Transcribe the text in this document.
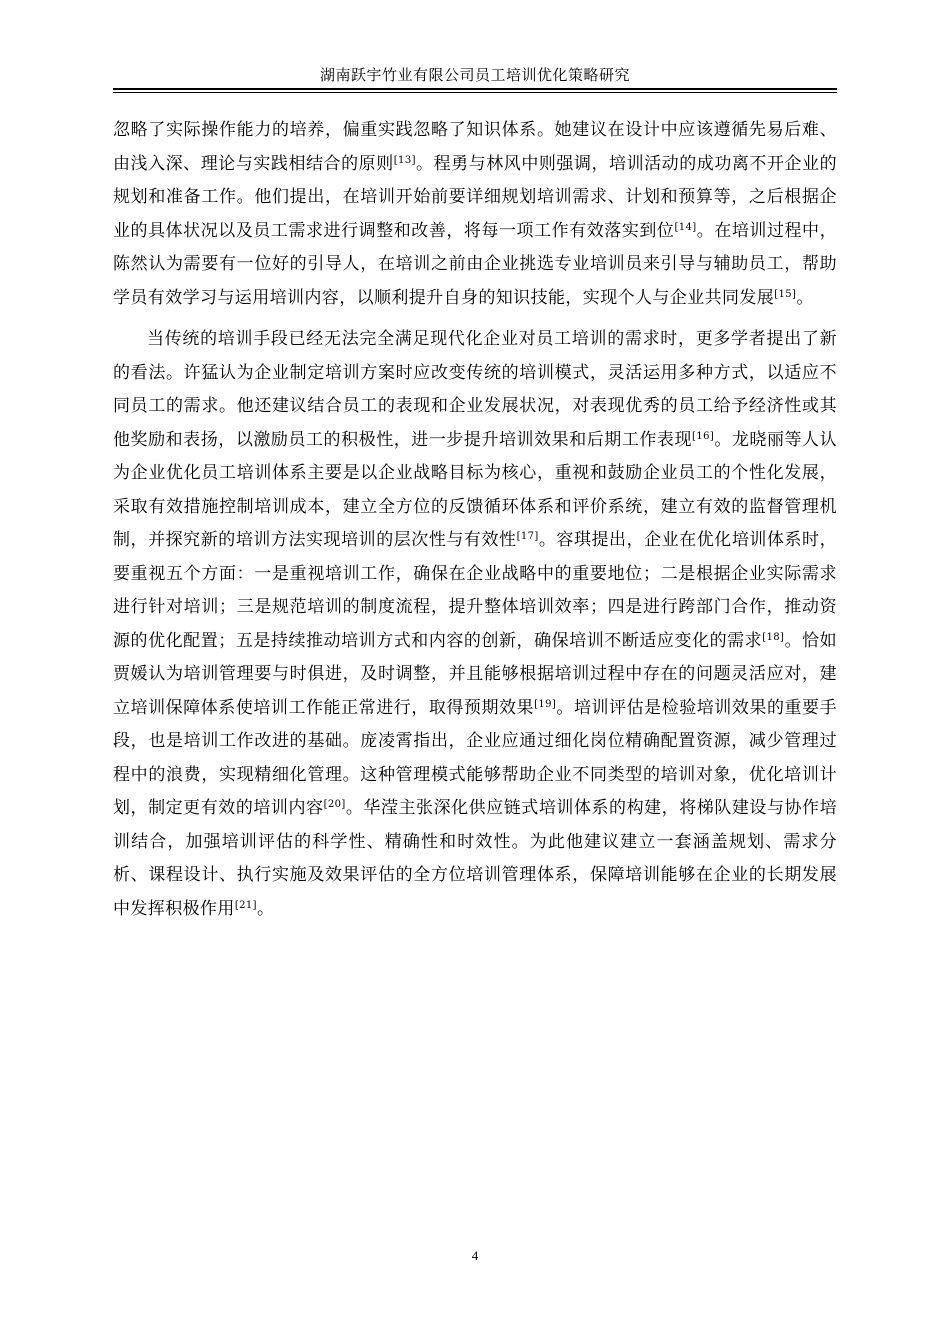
湖南跃宇竹业有限公司员工培训优化策略研究

忽略了实际操作能力的培养，偏重实践忽略了知识体系。她建议在设计中应该遵循先易后难、由浅入深、理论与实践相结合的原则[13]。程勇与林风中则强调，培训活动的成功离不开企业的规划和准备工作。他们提出，在培训开始前要详细规划培训需求、计划和预算等，之后根据企业的具体状况以及员工需求进行调整和改善，将每一项工作有效落实到位[14]。在培训过程中，陈然认为需要有一位好的引导人，在培训之前由企业挑选专业培训员来引导与辅助员工，帮助学员有效学习与运用培训内容，以顺利提升自身的知识技能，实现个人与企业共同发展[15]。

当传统的培训手段已经无法完全满足现代化企业对员工培训的需求时，更多学者提出了新的看法。许猛认为企业制定培训方案时应改变传统的培训模式，灵活运用多种方式，以适应不同员工的需求。他还建议结合员工的表现和企业发展状况，对表现优秀的员工给予经济性或其他奖励和表扬，以激励员工的积极性，进一步提升培训效果和后期工作表现[16]。龙晓丽等人认为企业优化员工培训体系主要是以企业战略目标为核心，重视和鼓励企业员工的个性化发展，采取有效措施控制培训成本，建立全方位的反馈循环体系和评价系统，建立有效的监督管理机制，并探究新的培训方法实现培训的层次性与有效性[17]。容琪提出，企业在优化培训体系时，要重视五个方面：一是重视培训工作，确保在企业战略中的重要地位；二是根据企业实际需求进行针对培训；三是规范培训的制度流程，提升整体培训效率；四是进行跨部门合作，推动资源的优化配置；五是持续推动培训方式和内容的创新，确保培训不断适应变化的需求[18]。恰如贾媛认为培训管理要与时俱进，及时调整，并且能够根据培训过程中存在的问题灵活应对，建立培训保障体系使培训工作能正常进行，取得预期效果[19]。培训评估是检验培训效果的重要手段，也是培训工作改进的基础。庞凌霄指出，企业应通过细化岗位精确配置资源，减少管理过程中的浪费，实现精细化管理。这种管理模式能够帮助企业不同类型的培训对象，优化培训计划，制定更有效的培训内容[20]。华滢主张深化供应链式培训体系的构建，将梯队建设与协作培训结合，加强培训评估的科学性、精确性和时效性。为此他建议建立一套涵盖规划、需求分析、课程设计、执行实施及效果评估的全方位培训管理体系，保障培训能够在企业的长期发展中发挥积极作用[21]。

4
